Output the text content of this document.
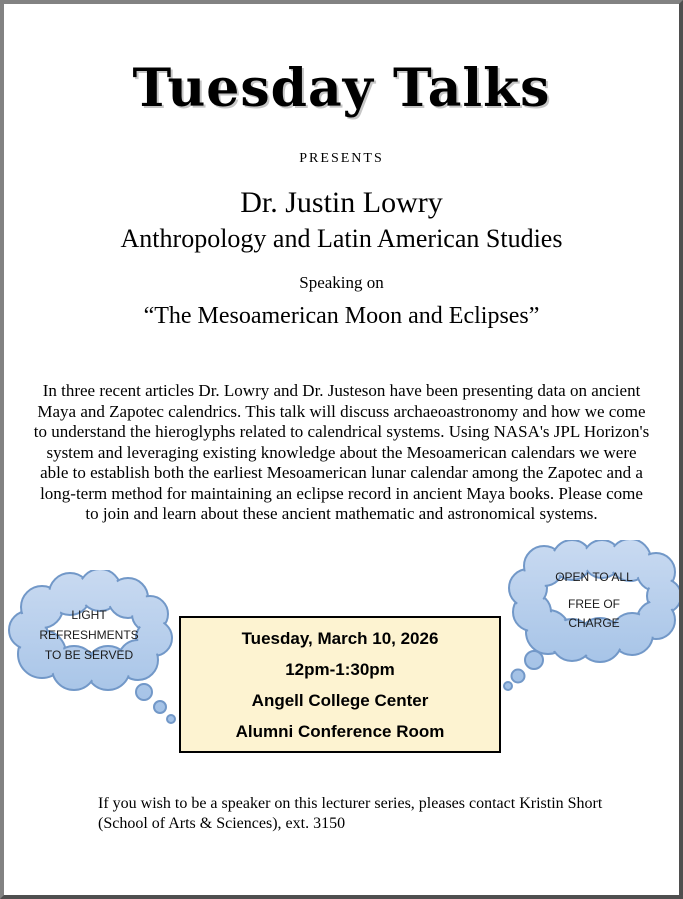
Tuesday Talks
PRESENTS
Dr. Justin Lowry
Anthropology and Latin American Studies
Speaking on
“The Mesoamerican Moon and Eclipses”
In three recent articles Dr. Lowry and Dr. Justeson have been presenting data on ancient Maya and Zapotec calendrics. This talk will discuss archaeoastronomy and how we come to understand the hieroglyphs related to calendrical systems. Using NASA's JPL Horizon's system and leveraging existing knowledge about the Mesoamerican calendars we were able to establish both the earliest Mesoamerican lunar calendar among the Zapotec and a long-term method for maintaining an eclipse record in ancient Maya books. Please come to join and learn about these ancient mathematic and astronomical systems.
LIGHT
REFRESHMENTS
TO BE SERVED
OPEN TO ALL
FREE OF
CHARGE
Tuesday, March 10, 2026
12pm-1:30pm
Angell College Center
Alumni Conference Room
If you wish to be a speaker on this lecturer series, pleases contact Kristin Short
(School of Arts & Sciences), ext. 3150
